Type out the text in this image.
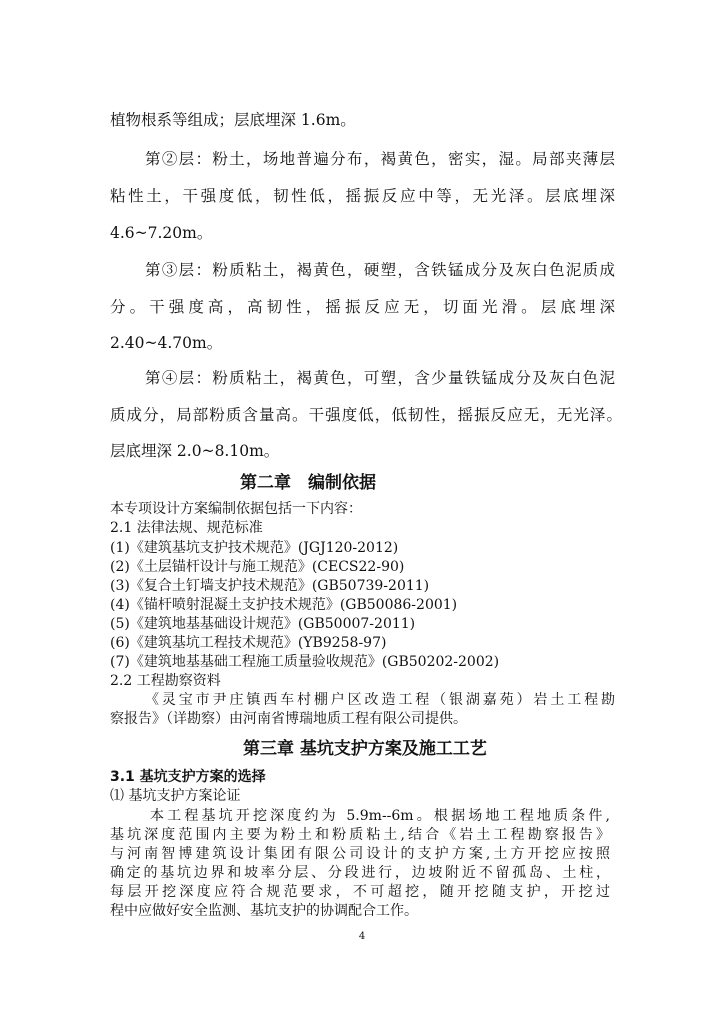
植物根系等组成；层底埋深 1.6m。
第②层：粉土，场地普遍分布，褐黄色，密实，湿。局部夹薄层
粘性土，干强度低，韧性低，摇振反应中等，无光泽。层底埋深
4.6~7.20m。
第③层：粉质粘土，褐黄色，硬塑，含铁锰成分及灰白色泥质成
分。干强度高，高韧性，摇振反应无，切面光滑。层底埋深
2.40~4.70m。
第④层：粉质粘土，褐黄色，可塑，含少量铁锰成分及灰白色泥
质成分，局部粉质含量高。干强度低，低韧性，摇振反应无，无光泽。
层底埋深 2.0~8.10m。
第二章　编制依据
本专项设计方案编制依据包括一下内容：
2.1 法律法规、规范标准
(1)《建筑基坑支护技术规范》(JGJ120-2012)
(2)《土层锚杆设计与施工规范》(CECS22-90)
(3)《复合土钉墙支护技术规范》(GB50739-2011)
(4)《锚杆喷射混凝土支护技术规范》(GB50086-2001)
(5)《建筑地基基础设计规范》(GB50007-2011)
(6)《建筑基坑工程技术规范》(YB9258-97)
(7)《建筑地基基础工程施工质量验收规范》(GB50202-2002)
2.2 工程勘察资料
《灵宝市尹庄镇西车村棚户区改造工程（银湖嘉苑）岩土工程勘
察报告》（详勘察）由河南省博瑞地质工程有限公司提供。
第三章 基坑支护方案及施工工艺
3.1 基坑支护方案的选择
⑴ 基坑支护方案论证
本工程基坑开挖深度约为 5.9m--6m。根据场地工程地质条件,
基坑深度范围内主要为粉土和粉质粘土,结合《岩土工程勘察报告》
与河南智博建筑设计集团有限公司设计的支护方案,土方开挖应按照
确定的基坑边界和坡率分层、分段进行，边坡附近不留孤岛、土柱，
每层开挖深度应符合规范要求，不可超挖，随开挖随支护，开挖过
程中应做好安全监测、基坑支护的协调配合工作。
4
